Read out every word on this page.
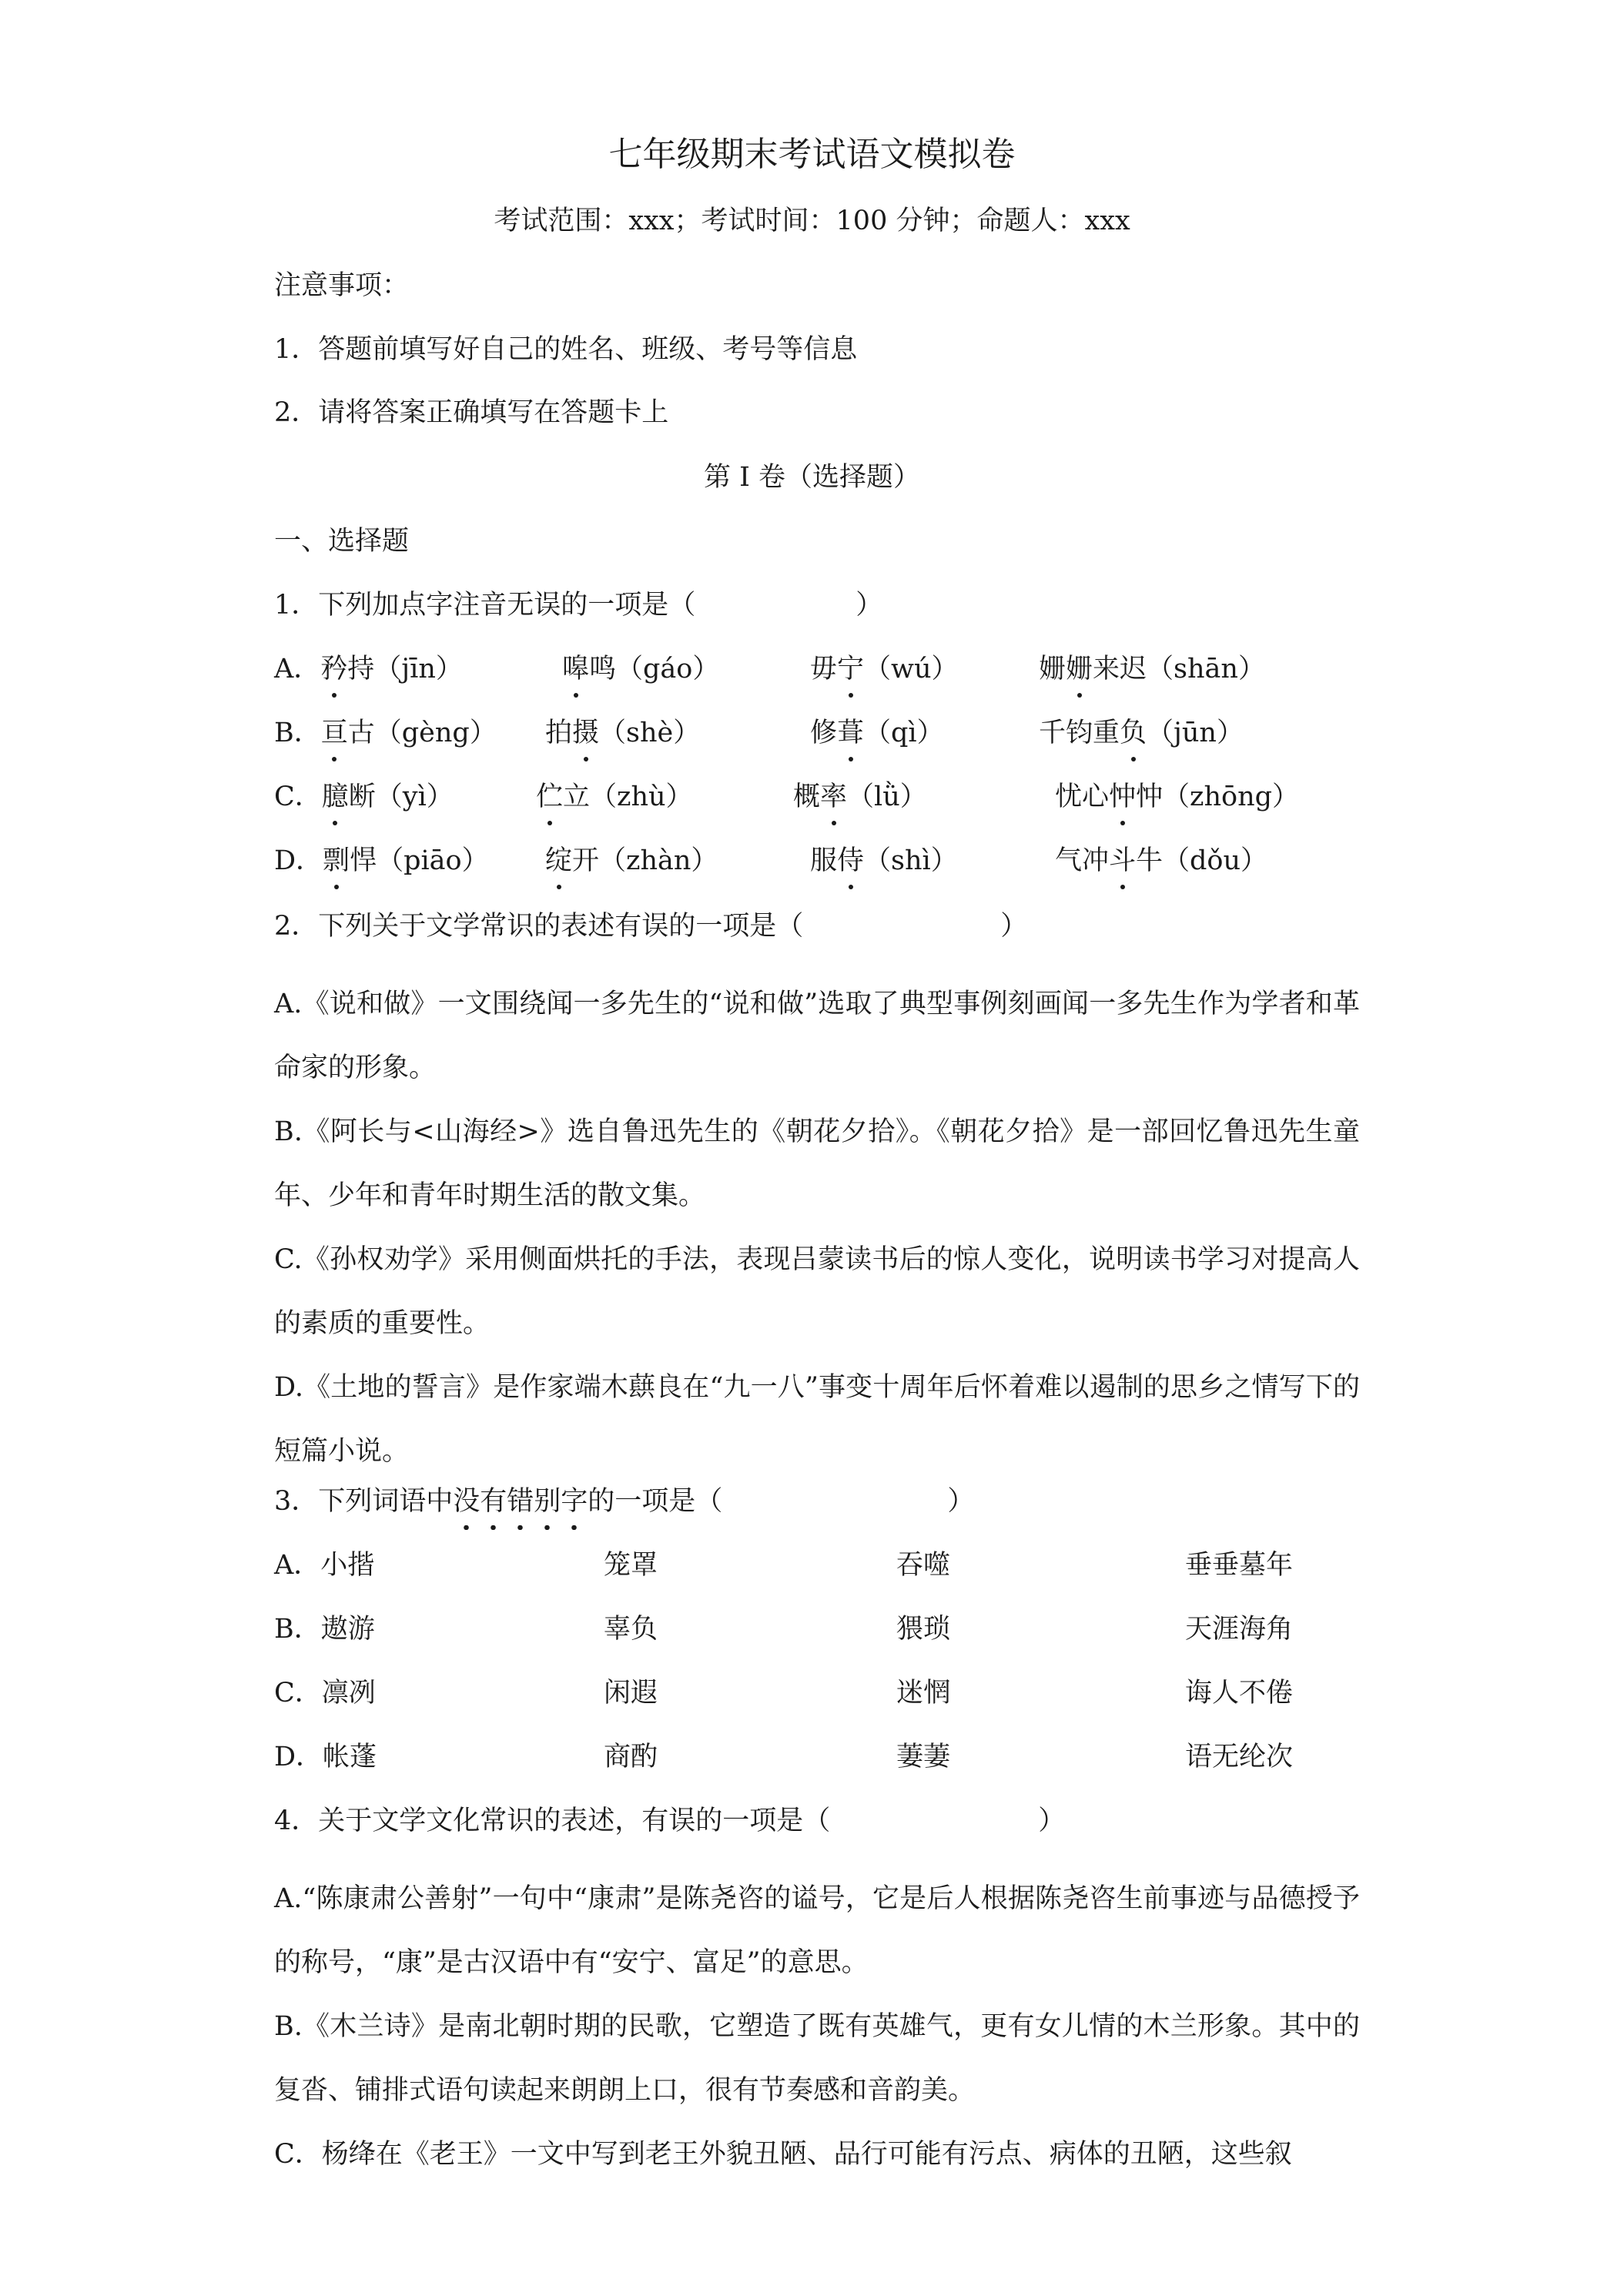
七年级期末考试语文模拟卷
考试范围：xxx；考试时间：100 分钟；命题人：xxx
注意事项：
1．答题前填写好自己的姓名、班级、考号等信息
2．请将答案正确填写在答题卡上
第 I 卷（选择题）
一、选择题
1．下列加点字注音无误的一项是（	）
A．矜持（jīn）	嗥鸣（gáo）	毋宁（wú）	姗姗来迟（shān）
B．亘古（gèng） 拍摄（shè）	修葺（qì）	千钧重负（jūn）
C．臆断（yì）	伫立（zhù）	概率（lǜ）	忧心忡忡（zhōng）
D．剽悍（piāo） 绽开（zhàn）	服侍（shì）	气冲斗牛（dǒu）
2．下列关于文学常识的表述有误的一项是（	）
A.《说和做》一文围绕闻一多先生的“说和做”选取了典型事例刻画闻一多先生作为学者和革命家的形象。
B.《阿长与<山海经>》选自鲁迅先生的《朝花夕拾》。《朝花夕拾》是一部回忆鲁迅先生童年、少年和青年时期生活的散文集。
C.《孙权劝学》采用侧面烘托的手法，表现吕蒙读书后的惊人变化，说明读书学习对提高人的素质的重要性。
D.《土地的誓言》是作家端木蕻良在“九一八”事变十周年后怀着难以遏制的思乡之情写下的短篇小说。
3．下列词语中没有错别字的一项是（	）
A．小揩	笼罩	吞噬	垂垂墓年
B．遨游	辜负	猥琐	天涯海角
C．凛冽	闲遐	迷惘	诲人不倦
D．帐蓬	商酌	萋萋	语无纶次
4．关于文学文化常识的表述，有误的一项是（	）
A.“陈康肃公善射”一句中“康肃”是陈尧咨的谥号，它是后人根据陈尧咨生前事迹与品德授予的称号，“康”是古汉语中有“安宁、富足”的意思。
B.《木兰诗》是南北朝时期的民歌，它塑造了既有英雄气，更有女儿情的木兰形象。其中的复沓、铺排式语句读起来朗朗上口，很有节奏感和音韵美。
C．杨绛在《老王》一文中写到老王外貌丑陋、品行可能有污点、病体的丑陋，这些叙
